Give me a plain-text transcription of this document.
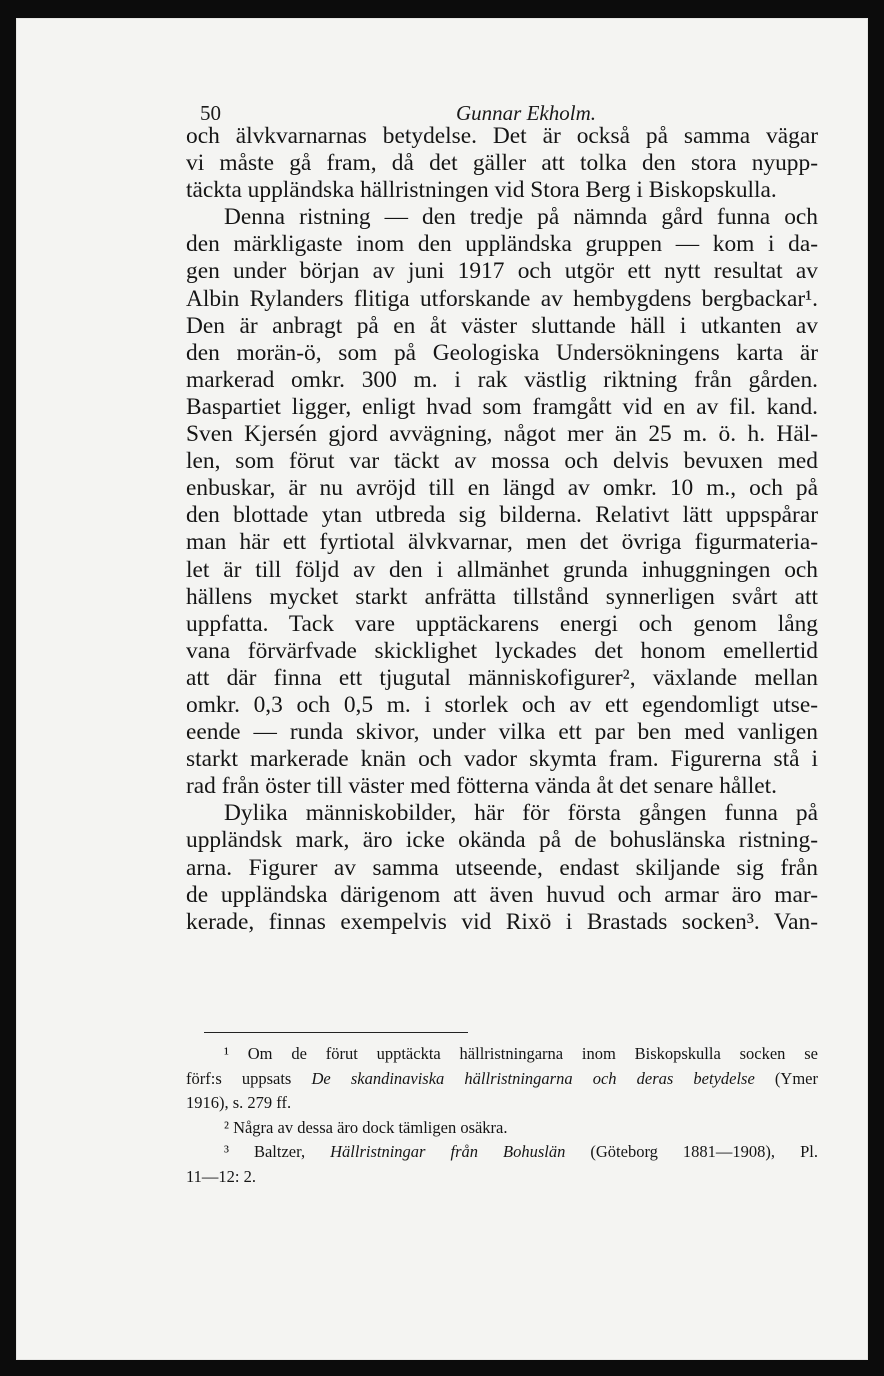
50	Gunnar Ekholm.

och älvkvarnarnas betydelse. Det är också på samma vägar
vi måste gå fram, då det gäller att tolka den stora nyupp-
täckta uppländska hällristningen vid Stora Berg i Biskopskulla.

Denna ristning — den tredje på nämnda gård funna och
den märkligaste inom den uppländska gruppen — kom i da-
gen under början av juni 1917 och utgör ett nytt resultat av
Albin Rylanders flitiga utforskande av hembygdens bergbackar¹.
Den är anbragt på en åt väster sluttande häll i utkanten av
den morän-ö, som på Geologiska Undersökningens karta är
markerad omkr. 300 m. i rak västlig riktning från gården.
Baspartiet ligger, enligt hvad som framgått vid en av fil. kand.
Sven Kjersén gjord avvägning, något mer än 25 m. ö. h. Häl-
len, som förut var täckt av mossa och delvis bevuxen med
enbuskar, är nu avröjd till en längd av omkr. 10 m., och på
den blottade ytan utbreda sig bilderna. Relativt lätt uppspårar
man här ett fyrtiotal älvkvarnar, men det övriga figurmateria-
let är till följd av den i allmänhet grunda inhuggningen och
hällens mycket starkt anfrätta tillstånd synnerligen svårt att
uppfatta. Tack vare upptäckarens energi och genom lång
vana förvärfvade skicklighet lyckades det honom emellertid
att där finna ett tjugutal människofigurer², växlande mellan
omkr. 0,3 och 0,5 m. i storlek och av ett egendomligt utse-
eende — runda skivor, under vilka ett par ben med vanligen
starkt markerade knän och vador skymta fram. Figurerna stå i
rad från öster till väster med fötterna vända åt det senare hållet.

Dylika människobilder, här för första gången funna på
uppländsk mark, äro icke okända på de bohuslänska ristning-
arna. Figurer av samma utseende, endast skiljande sig från
de uppländska därigenom att även huvud och armar äro mar-
kerade, finnas exempelvis vid Rixö i Brastads socken³. Van-

¹ Om de förut upptäckta hällristningarna inom Biskopskulla socken se
förf:s uppsats De skandinaviska hällristningarna och deras betydelse (Ymer
1916), s. 279 ff.
² Några av dessa äro dock tämligen osäkra.
³ Baltzer, Hällristningar från Bohuslän (Göteborg 1881—1908), Pl.
11—12: 2.
